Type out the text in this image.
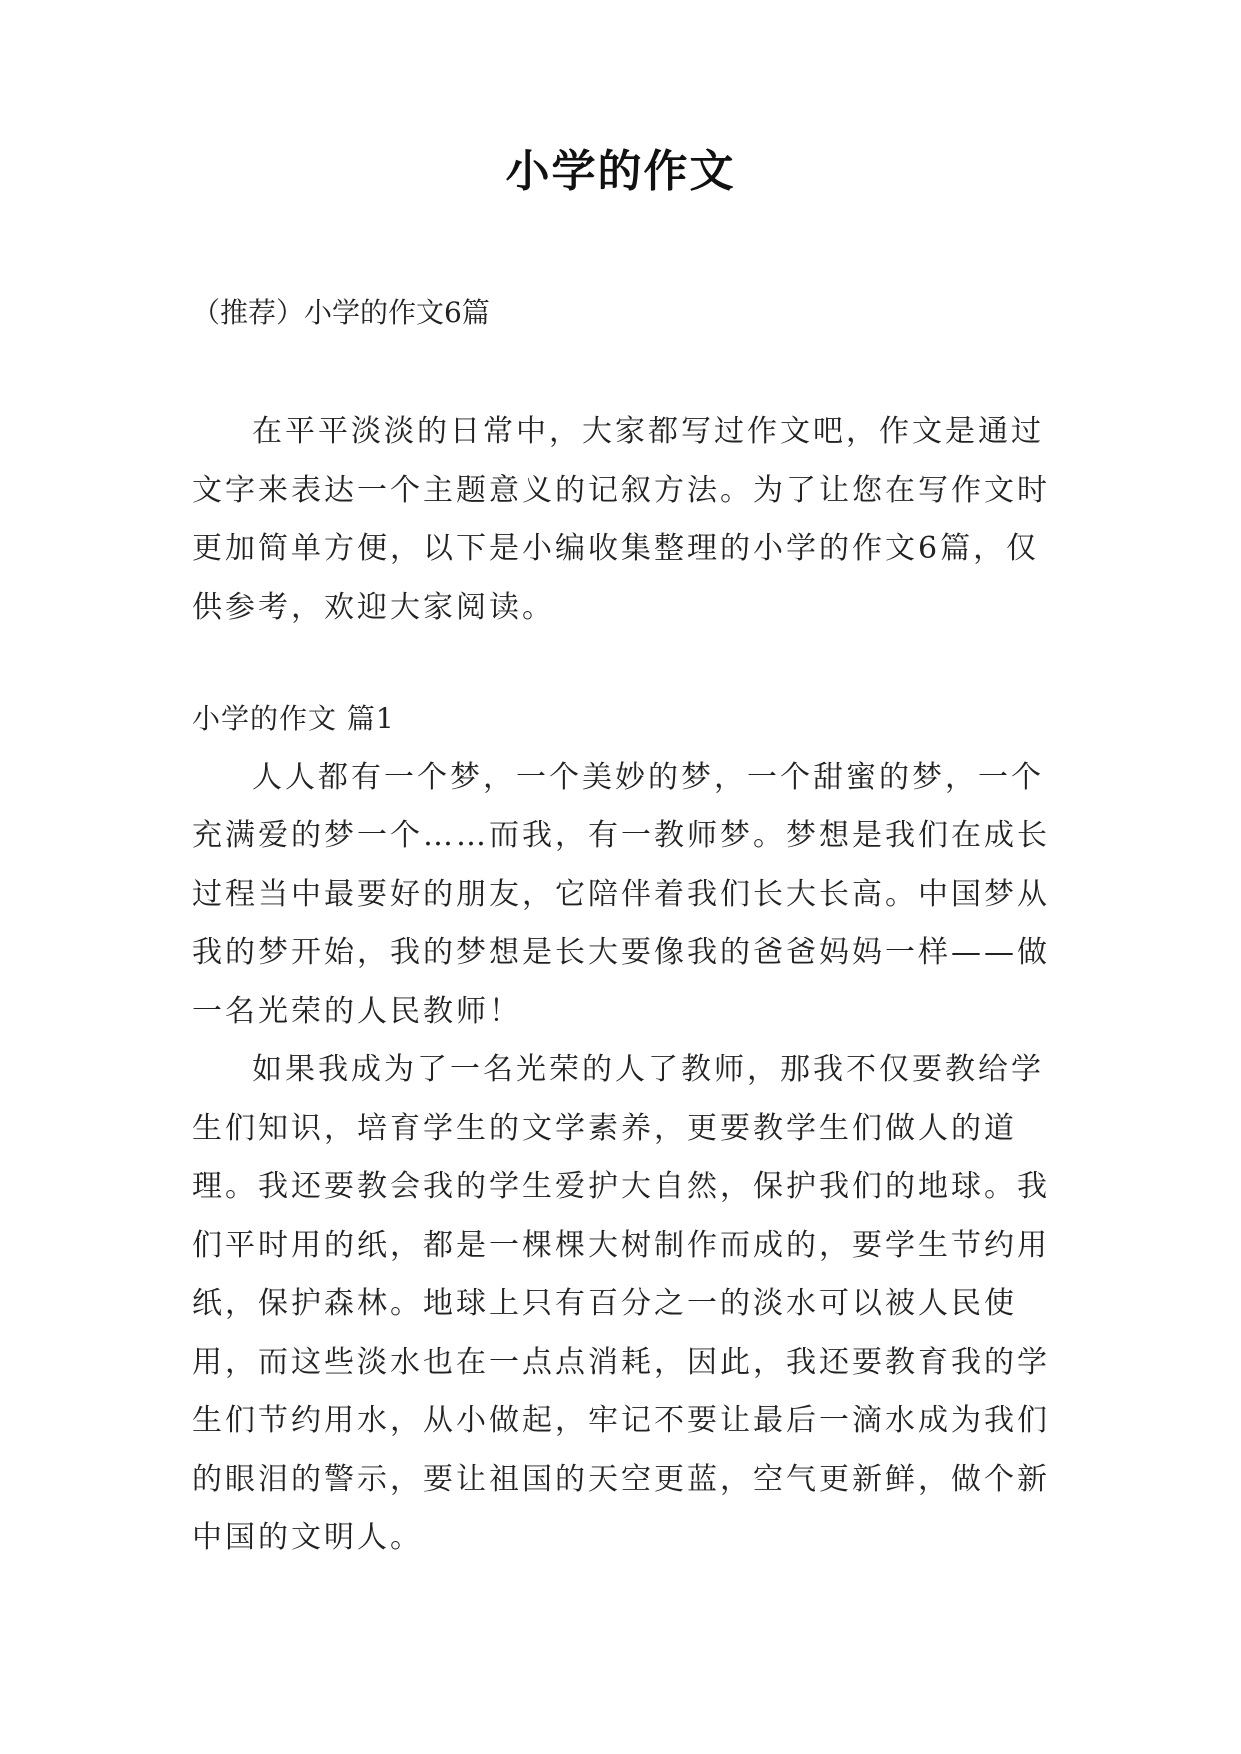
小学的作文
（推荐）小学的作文6篇

在平平淡淡的日常中，大家都写过作文吧，作文是通过文字来表达一个主题意义的记叙方法。为了让您在写作文时更加简单方便，以下是小编收集整理的小学的作文6篇，仅供参考，欢迎大家阅读。

小学的作文 篇1

人人都有一个梦，一个美妙的梦，一个甜蜜的梦，一个充满爱的梦一个……而我，有一教师梦。梦想是我们在成长过程当中最要好的朋友，它陪伴着我们长大长高。中国梦从我的梦开始，我的梦想是长大要像我的爸爸妈妈一样——做一名光荣的人民教师！

如果我成为了一名光荣的人了教师，那我不仅要教给学生们知识，培育学生的文学素养，更要教学生们做人的道理。我还要教会我的学生爱护大自然，保护我们的地球。我们平时用的纸，都是一棵棵大树制作而成的，要学生节约用纸，保护森林。地球上只有百分之一的淡水可以被人民使用，而这些淡水也在一点点消耗，因此，我还要教育我的学生们节约用水，从小做起，牢记不要让最后一滴水成为我们的眼泪的警示，要让祖国的天空更蓝，空气更新鲜，做个新中国的文明人。
